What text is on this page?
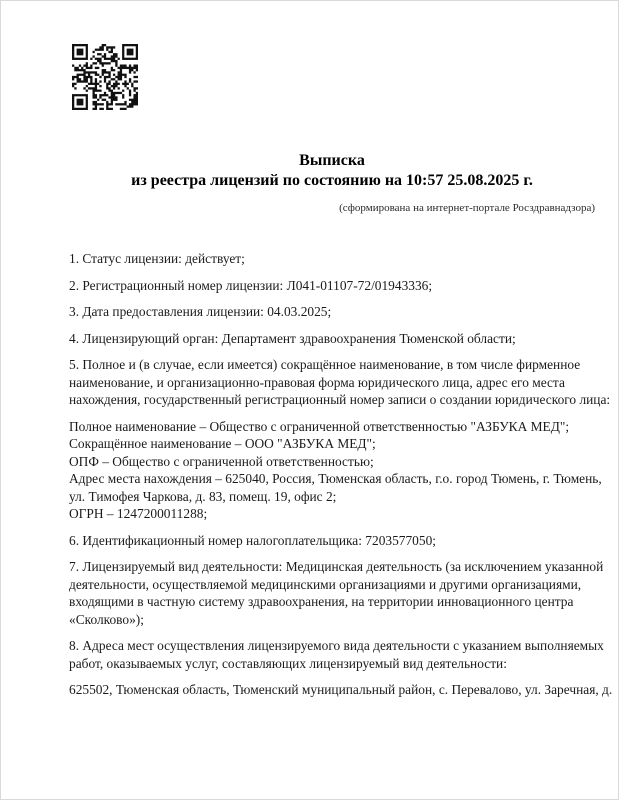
Выписка
из реестра лицензий по состоянию на 10:57 25.08.2025 г.
(сформирована на интернет-портале Росздравнадзора)

1. Статус лицензии: действует;

2. Регистрационный номер лицензии: Л041-01107-72/01943336;

3. Дата предоставления лицензии: 04.03.2025;

4. Лицензирующий орган: Департамент здравоохранения Тюменской области;

5. Полное и (в случае, если имеется) сокращённое наименование, в том числе фирменное
наименование, и организационно-правовая форма юридического лица, адрес его места
нахождения, государственный регистрационный номер записи о создании юридического лица:

Полное наименование – Общество с ограниченной ответственностью "АЗБУКА МЕД";
Сокращённое наименование – ООО "АЗБУКА МЕД";
ОПФ – Общество с ограниченной ответственностью;
Адрес места нахождения – 625040, Россия, Тюменская область, г.о. город Тюмень, г. Тюмень,
ул. Тимофея Чаркова, д. 83, помещ. 19, офис 2;
ОГРН – 1247200011288;

6. Идентификационный номер налогоплательщика: 7203577050;

7. Лицензируемый вид деятельности: Медицинская деятельность (за исключением указанной
деятельности, осуществляемой медицинскими организациями и другими организациями,
входящими в частную систему здравоохранения, на территории инновационного центра
«Сколково»);

8. Адреса мест осуществления лицензируемого вида деятельности с указанием выполняемых
работ, оказываемых услуг, составляющих лицензируемый вид деятельности:

625502, Тюменская область, Тюменский муниципальный район, с. Перевалово, ул. Заречная, д.
